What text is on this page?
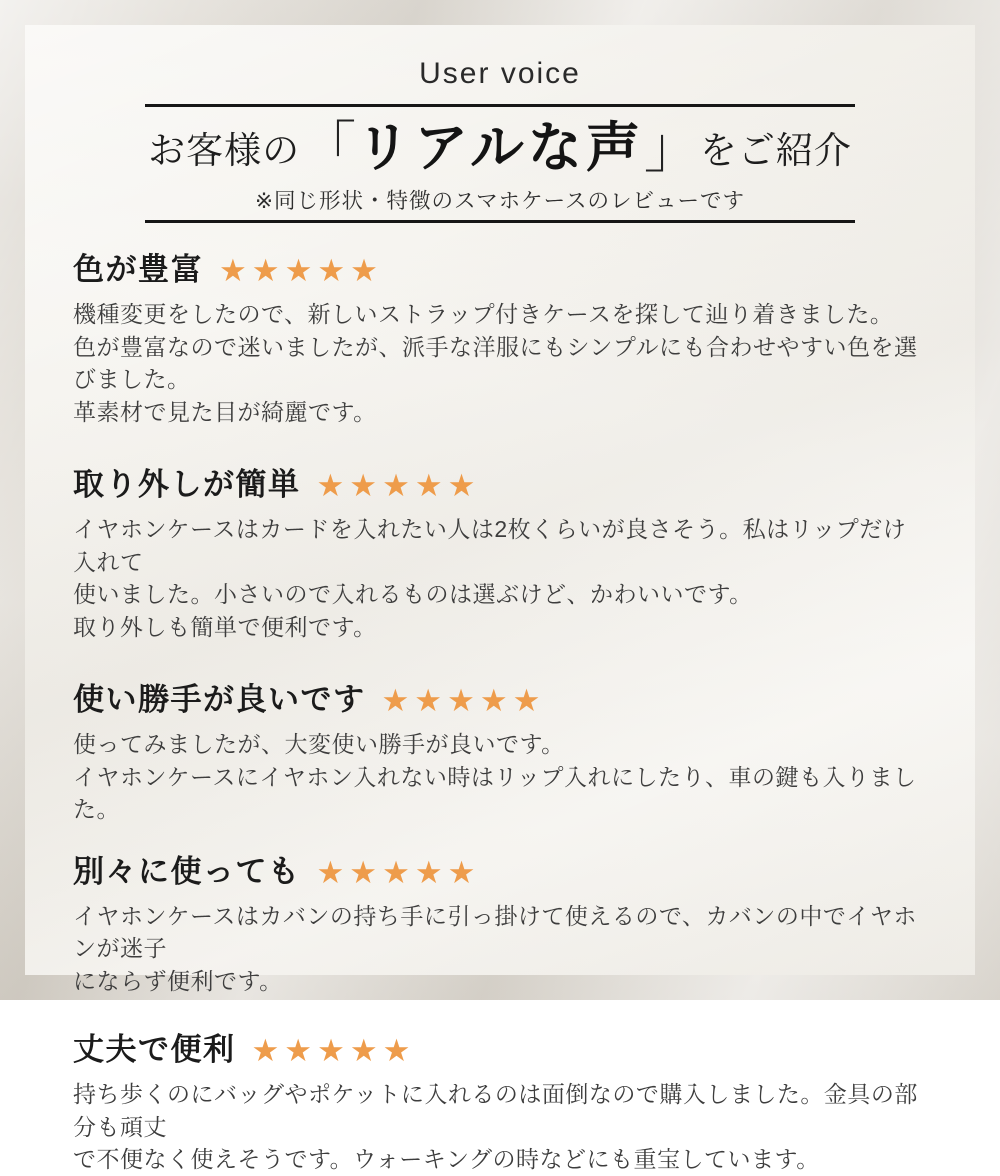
User voice
お客様の「リアルな声」をご紹介
※同じ形状・特徴のスマホケースのレビューです
色が豊富 ★★★★★
機種変更をしたので、新しいストラップ付きケースを探して辿り着きました。
色が豊富なので迷いましたが、派手な洋服にもシンプルにも合わせやすい色を選びました。
革素材で見た目が綺麗です。
取り外しが簡単 ★★★★★
イヤホンケースはカードを入れたい人は2枚くらいが良さそう。私はリップだけ入れて
使いました。小さいので入れるものは選ぶけど、かわいいです。
取り外しも簡単で便利です。
使い勝手が良いです ★★★★★
使ってみましたが、大変使い勝手が良いです。
イヤホンケースにイヤホン入れない時はリップ入れにしたり、車の鍵も入りました。
別々に使っても ★★★★★
イヤホンケースはカバンの持ち手に引っ掛けて使えるので、カバンの中でイヤホンが迷子
にならず便利です。
丈夫で便利 ★★★★★
持ち歩くのにバッグやポケットに入れるのは面倒なので購入しました。金具の部分も頑丈
で不便なく使えそうです。ウォーキングの時などにも重宝しています。
